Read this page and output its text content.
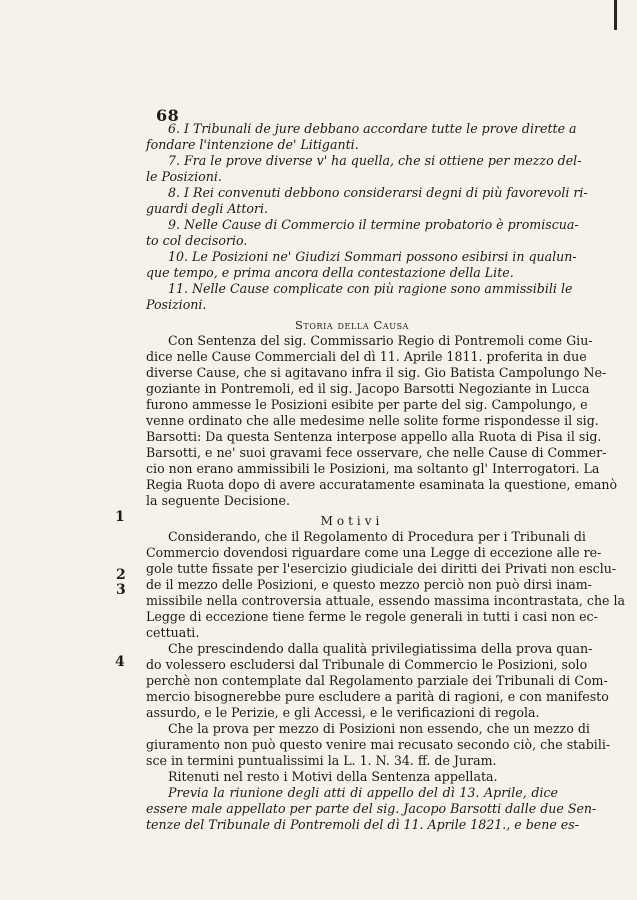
68
1
2
3
4
6. I Tribunali de jure debbano accordare tutte le prove dirette a
fondare l'intenzione de' Litiganti.
7. Fra le prove diverse v' ha quella, che si ottiene per mezzo del-
le Posizioni.
8. I Rei convenuti debbono considerarsi degni di più favorevoli ri-
guardi degli Attori.
9. Nelle Cause di Commercio il termine probatorio è promiscua-
to col decisorio.
10. Le Posizioni ne' Giudizi Sommari possono esibirsi in qualun-
que tempo, e prima ancora della contestazione della Lite.
11. Nelle Cause complicate con più ragione sono ammissibili le
Posizioni.
Storia della Causa
Con Sentenza del sig. Commissario Regio di Pontremoli come Giu-
dice nelle Cause Commerciali del dì 11. Aprile 1811. proferita in due
diverse Cause, che si agitavano infra il sig. Gio Batista Campolungo Ne-
goziante in Pontremoli, ed il sig. Jacopo Barsotti Negoziante in Lucca
furono ammesse le Posizioni esibite per parte del sig. Campolungo, e
venne ordinato che alle medesime nelle solite forme rispondesse il sig.
Barsotti: Da questa Sentenza interpose appello alla Ruota di Pisa il sig.
Barsotti, e ne' suoi gravami fece osservare, che nelle Cause di Commer-
cio non erano ammissibili le Posizioni, ma soltanto gl' Interrogatori. La
Regia Ruota dopo di avere accuratamente esaminata la questione, emanò
la seguente Decisione.
Motivi
Considerando, che il Regolamento di Procedura per i Tribunali di
Commercio dovendosi riguardare come una Legge di eccezione alle re-
gole tutte fissate per l'esercizio giudiciale dei diritti dei Privati non esclu-
de il mezzo delle Posizioni, e questo mezzo perciò non può dirsi inam-
missibile nella controversia attuale, essendo massima incontrastata, che la
Legge di eccezione tiene ferme le regole generali in tutti i casi non ec-
cettuati.
Che prescindendo dalla qualità privilegiatissima della prova quan-
do volessero escludersi dal Tribunale di Commercio le Posizioni, solo
perchè non contemplate dal Regolamento parziale dei Tribunali di Com-
mercio bisognerebbe pure escludere a parità di ragioni, e con manifesto
assurdo, e le Perizie, e gli Accessi, e le verificazioni di regola.
Che la prova per mezzo di Posizioni non essendo, che un mezzo di
giuramento non può questo venire mai recusato secondo ciò, che stabili-
sce in termini puntualissimi la L. 1. N. 34. ff. de Juram.
Ritenuti nel resto i Motivi della Sentenza appellata.
Previa la riunione degli atti di appello del dì 13. Aprile, dice
essere male appellato per parte del sig. Jacopo Barsotti dalle due Sen-
tenze del Tribunale di Pontremoli del dì 11. Aprile 1821., e bene es-
